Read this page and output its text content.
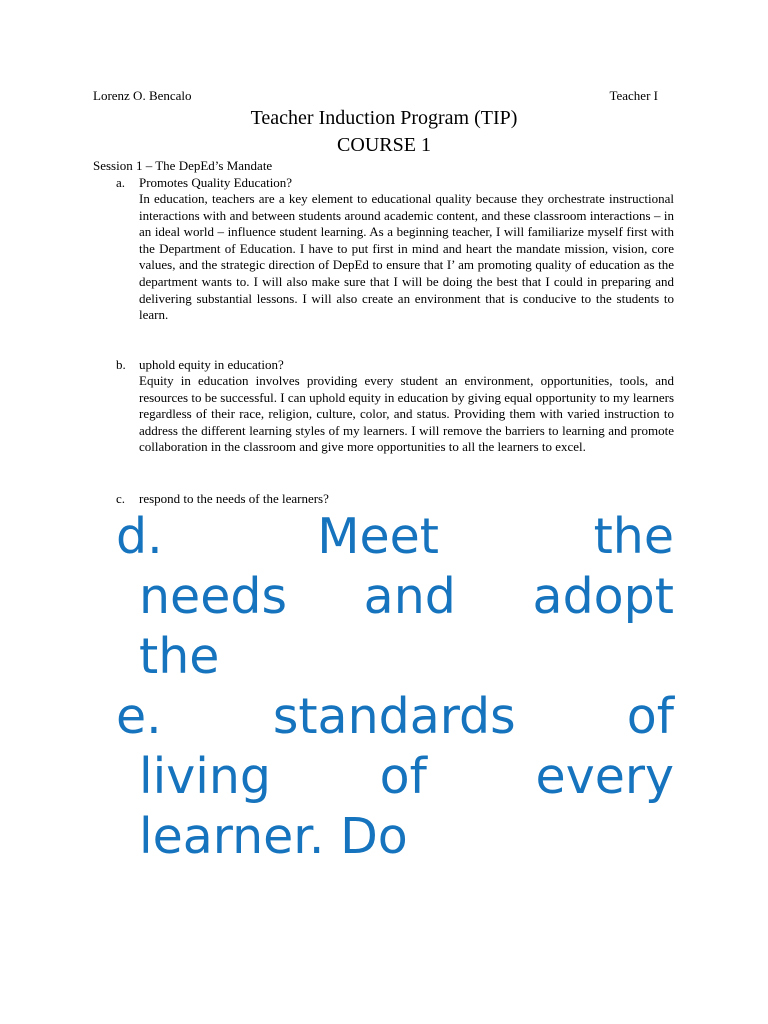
Lorenz O. Bencalo	Teacher I
Teacher Induction Program (TIP)
COURSE 1
Session 1 – The DepEd’s Mandate
a. Promotes Quality Education?
In education, teachers are a key element to educational quality because they orchestrate instructional interactions with and between students around academic content, and these classroom interactions – in an ideal world – influence student learning. As a beginning teacher, I will familiarize myself first with the Department of Education. I have to put first in mind and heart the mandate mission, vision, core values, and the strategic direction of DepEd to ensure that I’ am promoting quality of education as the department wants to. I will also make sure that I will be doing the best that I could in preparing and delivering substantial lessons. I will also create an environment that is conducive to the students to learn.
b. uphold equity in education?
Equity in education involves providing every student an environment, opportunities, tools, and resources to be successful. I can uphold equity in education by giving equal opportunity to my learners regardless of their race, religion, culture, color, and status. Providing them with varied instruction to address the different learning styles of my learners. I will remove the barriers to learning and promote collaboration in the classroom and give more opportunities to all the learners to excel.
c. respond to the needs of the learners?
d.	Meet	the
needs and adopt
the
e. standards of
living of every
learner. Do
